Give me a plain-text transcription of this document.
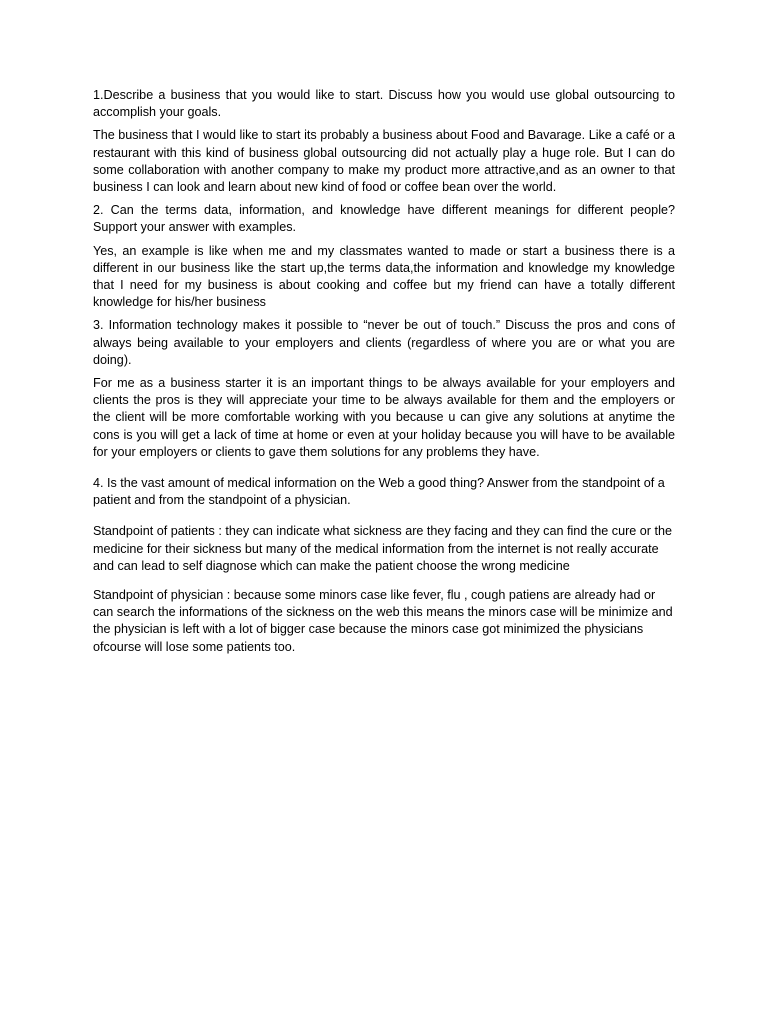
1.Describe a business that you would like to start. Discuss how you would use global outsourcing to accomplish your goals.

The business that I would like to start its probably a business about Food and Bavarage. Like a café or a restaurant with this kind of business global outsourcing did not actually play a huge role. But I can do some collaboration with another company to make my product more attractive,and as an owner to that business I can look and learn about new kind of food or coffee bean over the world.

2. Can the terms data, information, and knowledge have different meanings for different people? Support your answer with examples.

Yes, an example is like when me and my classmates wanted to made or start a business there is a different in our business like the start up,the terms data,the information and knowledge my knowledge that I need for my business is about cooking and coffee but my friend can have a totally different knowledge for his/her business

3. Information technology makes it possible to “never be out of touch.” Discuss the pros and cons of always being available to your employers and clients (regardless of where you are or what you are doing).

For me as a business starter it is an important things to be always available for your employers and clients the pros is they will appreciate your time to be always available for them and the employers or the client will be more comfortable working with you because u can give any solutions at anytime the cons is you will get a lack of time at home or even at your holiday because you will have to be available for your employers or clients to gave them solutions for any problems they have.

4. Is the vast amount of medical information on the Web a good thing? Answer from the standpoint of a patient and from the standpoint of a physician.

Standpoint of patients : they can indicate what sickness are they facing and they can find the cure or the medicine for their sickness but many of the medical information from the internet is not really accurate and can lead to self diagnose which can make the patient choose the wrong medicine

Standpoint of physician : because some minors case like fever, flu , cough patiens are already had or can search the informations of the sickness on the web this means the minors case will be minimize and the physician is left with a lot of bigger case because the minors case got minimized the physicians ofcourse will lose some patients too.
